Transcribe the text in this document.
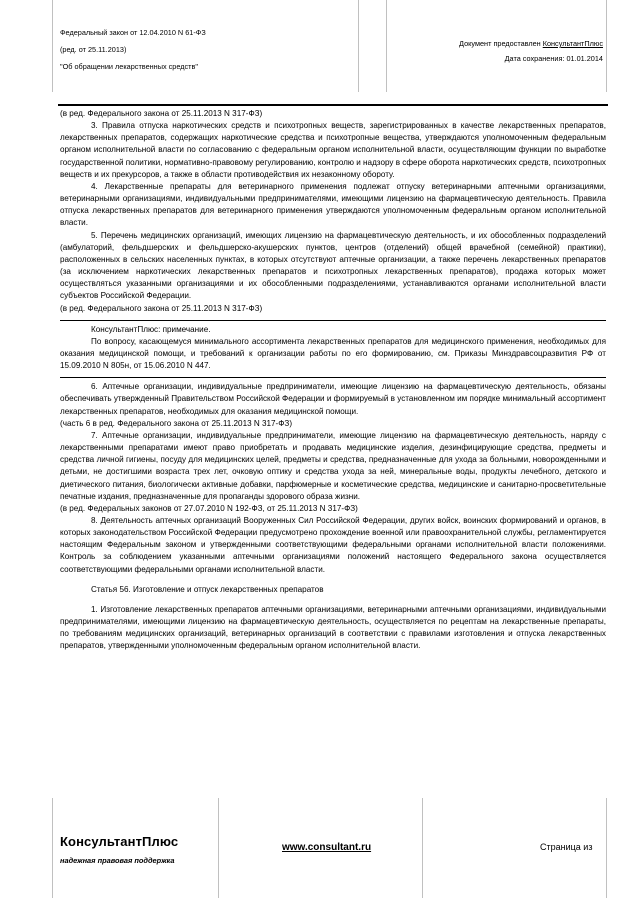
Федеральный закон от 12.04.2010 N 61-ФЗ
(ред. от 25.11.2013)
"Об обращении лекарственных средств"
Документ предоставлен КонсультантПлюс
Дата сохранения: 01.01.2014

(в ред. Федерального закона от 25.11.2013 N 317-ФЗ)

3. Правила отпуска наркотических средств и психотропных веществ, зарегистрированных в качестве лекарственных препаратов, лекарственных препаратов, содержащих наркотические средства и психотропные вещества, утверждаются уполномоченным федеральным органом исполнительной власти по согласованию с федеральным органом исполнительной власти, осуществляющим функции по выработке государственной политики, нормативно-правовому регулированию, контролю и надзору в сфере оборота наркотических средств, психотропных веществ и их прекурсоров, а также в области противодействия их незаконному обороту.

4. Лекарственные препараты для ветеринарного применения подлежат отпуску ветеринарными аптечными организациями, ветеринарными организациями, индивидуальными предпринимателями, имеющими лицензию на фармацевтическую деятельность. Правила отпуска лекарственных препаратов для ветеринарного применения утверждаются уполномоченным федеральным органом исполнительной власти.

5. Перечень медицинских организаций, имеющих лицензию на фармацевтическую деятельность, и их обособленных подразделений (амбулаторий, фельдшерских и фельдшерско-акушерских пунктов, центров (отделений) общей врачебной (семейной) практики), расположенных в сельских населенных пунктах, в которых отсутствуют аптечные организации, а также перечень лекарственных препаратов (за исключением наркотических лекарственных препаратов и психотропных лекарственных препаратов), продажа которых может осуществляться указанными организациями и их обособленными подразделениями, устанавливаются органами исполнительной власти субъектов Российской Федерации.

(в ред. Федерального закона от 25.11.2013 N 317-ФЗ)

КонсультантПлюс: примечание.

По вопросу, касающемуся минимального ассортимента лекарственных препаратов для медицинского применения, необходимых для оказания медицинской помощи, и требований к организации работы по его формированию, см. Приказы Минздравсоцразвития РФ от 15.09.2010 N 805н, от 15.06.2010 N 447.

6. Аптечные организации, индивидуальные предприниматели, имеющие лицензию на фармацевтическую деятельность, обязаны обеспечивать утвержденный Правительством Российской Федерации и формируемый в установленном им порядке минимальный ассортимент лекарственных препаратов, необходимых для оказания медицинской помощи.

(часть 6 в ред. Федерального закона от 25.11.2013 N 317-ФЗ)

7. Аптечные организации, индивидуальные предприниматели, имеющие лицензию на фармацевтическую деятельность, наряду с лекарственными препаратами имеют право приобретать и продавать медицинские изделия, дезинфицирующие средства, предметы и средства личной гигиены, посуду для медицинских целей, предметы и средства, предназначенные для ухода за больными, новорожденными и детьми, не достигшими возраста трех лет, очковую оптику и средства ухода за ней, минеральные воды, продукты лечебного, детского и диетического питания, биологически активные добавки, парфюмерные и косметические средства, медицинские и санитарно-просветительные печатные издания, предназначенные для пропаганды здорового образа жизни.

(в ред. Федеральных законов от 27.07.2010 N 192-ФЗ, от 25.11.2013 N 317-ФЗ)

8. Деятельность аптечных организаций Вооруженных Сил Российской Федерации, других войск, воинских формирований и органов, в которых законодательством Российской Федерации предусмотрено прохождение военной или правоохранительной службы, регламентируется настоящим Федеральным законом и утвержденными соответствующими федеральными органами исполнительной власти положениями. Контроль за соблюдением указанными аптечными организациями положений настоящего Федерального закона осуществляется соответствующими федеральными органами исполнительной власти.

Статья 56. Изготовление и отпуск лекарственных препаратов

1. Изготовление лекарственных препаратов аптечными организациями, ветеринарными аптечными организациями, индивидуальными предпринимателями, имеющими лицензию на фармацевтическую деятельность, осуществляется по рецептам на лекарственные препараты, по требованиям медицинских организаций, ветеринарных организаций в соответствии с правилами изготовления и отпуска лекарственных препаратов, утвержденными уполномоченным федеральным органом исполнительной власти.

КонсультантПлюс
надежная правовая поддержка
www.consultant.ru	Страница из
